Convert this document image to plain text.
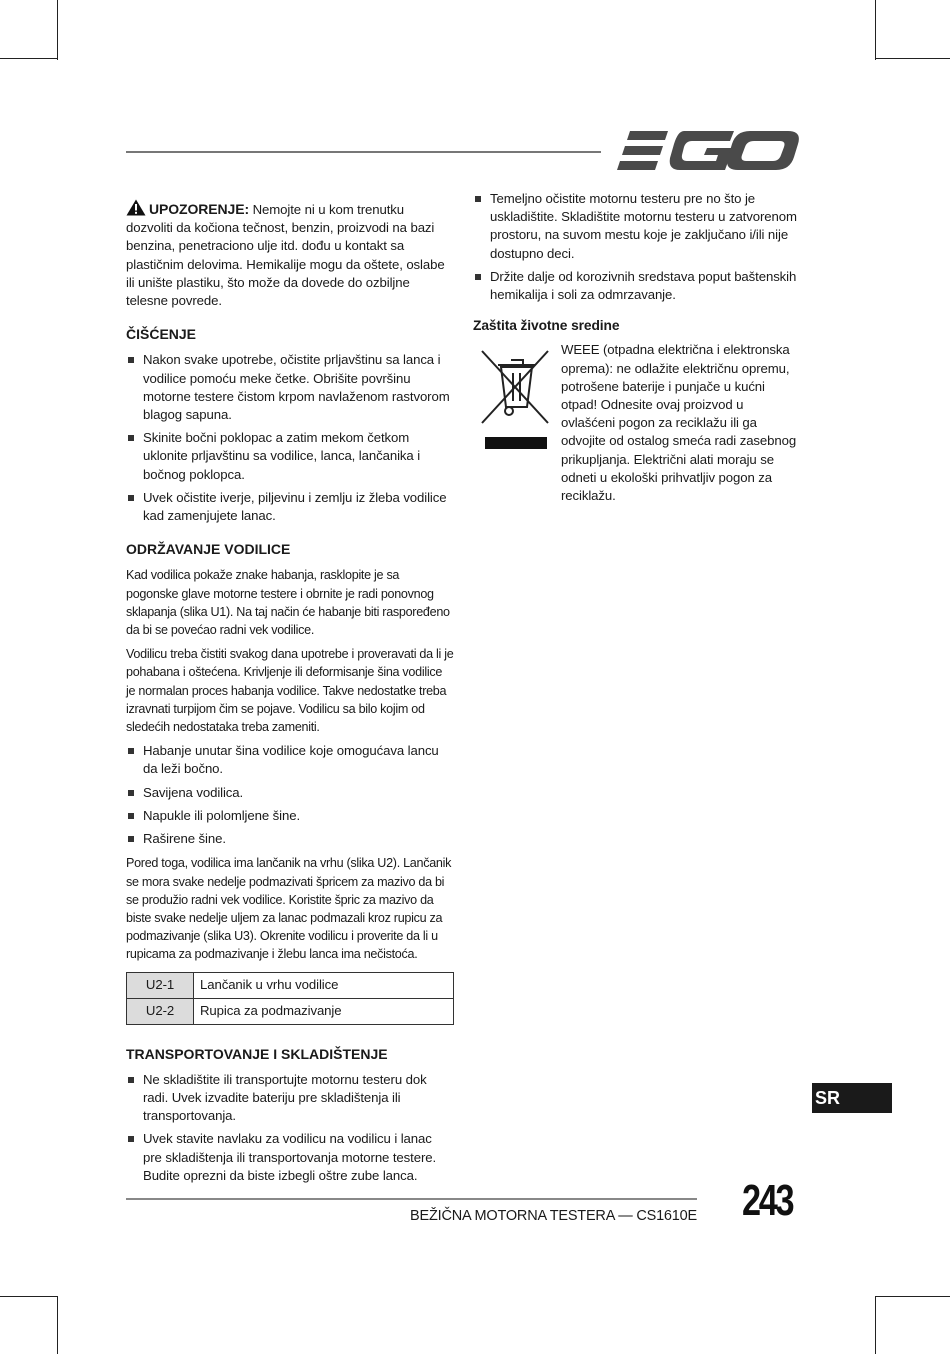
UPOZORENJE: Nemojte ni u kom trenutku dozvoliti da kočiona tečnost, benzin, proizvodi na bazi benzina, penetraciono ulje itd. dođu u kontakt sa plastičnim delovima. Hemikalije mogu da oštete, oslabe ili unište plastiku, što može da dovede do ozbiljne telesne povrede.

ČIŠĆENJE
Nakon svake upotrebe, očistite prljavštinu sa lanca i vodilice pomoću meke četke. Obrišite površinu motorne testere čistom krpom navlaženom rastvorom blagog sapuna.
Skinite bočni poklopac a zatim mekom četkom uklonite prljavštinu sa vodilice, lanca, lančanika i bočnog poklopca.
Uvek očistite iverje, piljevinu i zemlju iz žleba vodilice kad zamenjujete lanac.
ODRŽAVANJE VODILICE

Kad vodilica pokaže znake habanja, rasklopite je sa pogonske glave motorne testere i obrnite je radi ponovnog sklapanja (slika U1). Na taj način će habanje biti raspoređeno da bi se povećao radni vek vodilice.

Vodilicu treba čistiti svakog dana upotrebe i proveravati da li je pohabana i oštećena. Krivljenje ili deformisanje šina vodilice je normalan proces habanja vodilice. Takve nedostatke treba izravnati turpijom čim se pojave. Vodilicu sa bilo kojim od sledećih nedostataka treba zameniti.

Habanje unutar šina vodilice koje omogućava lancu da leži bočno.
Savijena vodilica.
Napukle ili polomljene šine.
Raširene šine.

Pored toga, vodilica ima lančanik na vrhu (slika U2). Lančanik se mora svake nedelje podmazivati špricem za mazivo da bi se produžio radni vek vodilice. Koristite špric za mazivo da biste svake nedelje uljem za lanac podmazali kroz rupicu za podmazivanje (slika U3). Okrenite vodilicu i proverite da li u rupicama za podmazivanje i žlebu lanca ima nečistoća.

U2-1	Lančanik u vrhu vodilice
U2-2	Rupica za podmazivanje
TRANSPORTOVANJE I SKLADIŠTENJE
Ne skladištite ili transportujte motornu testeru dok radi. Uvek izvadite bateriju pre skladištenja ili transportovanja.
Uvek stavite navlaku za vodilicu na vodilicu i lanac pre skladištenja ili transportovanja motorne testere. Budite oprezni da biste izbegli oštre zube lanca.
Temeljno očistite motornu testeru pre no što je uskladištite. Skladištite motornu testeru u zatvorenom prostoru, na suvom mestu koje je zaključano i/ili nije dostupno deci.
Držite dalje od korozivnih sredstava poput baštenskih hemikalija i soli za odmrzavanje.
Zaštita životne sredine

WEEE (otpadna električna i elektronska oprema): ne odlažite električnu opremu, potrošene baterije i punjače u kućni otpad! Odnesite ovaj proizvod u ovlašćeni pogon za reciklažu ili ga odvojite od ostalog smeća radi zasebnog prikupljanja. Električni alati moraju se odneti u ekološki prihvatljiv pogon za reciklažu.

SR
BEŽIČNA MOTORNA TESTERA — CS1610E 243
